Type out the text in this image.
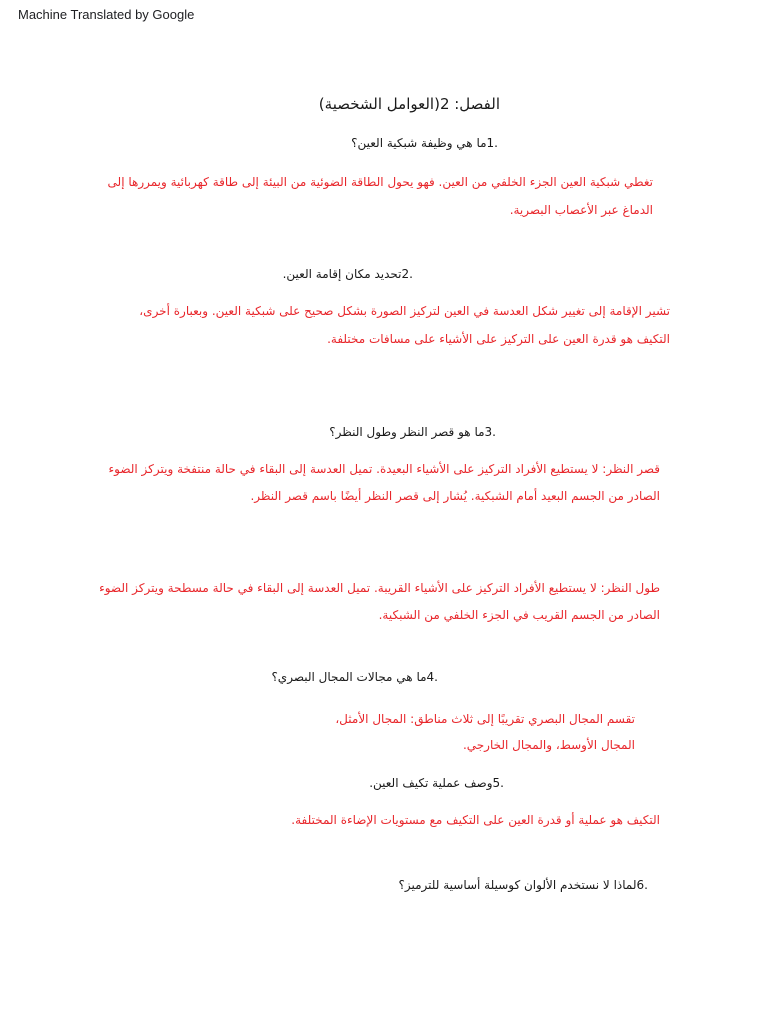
Machine Translated by Google
الفصل: 2(العوامل الشخصية)
.1ما هي وظيفة شبكية العين؟
تغطي شبكية العين الجزء الخلفي من العين. فهو يحول الطاقة الضوئية من البيئة إلى طاقة كهربائية ويمررها إلى
الدماغ عبر الأعصاب البصرية.
.2تحديد مكان إقامة العين.
تشير الإقامة إلى تغيير شكل العدسة في العين لتركيز الصورة بشكل صحيح على شبكية العين. وبعبارة أخرى،
التكيف هو قدرة العين على التركيز على الأشياء على مسافات مختلفة.
.3ما هو قصر النظر وطول النظر؟
قصر النظر: لا يستطيع الأفراد التركيز على الأشياء البعيدة. تميل العدسة إلى البقاء في حالة منتفخة ويتركز الضوء
الصادر من الجسم البعيد أمام الشبكية. يُشار إلى قصر النظر أيضًا باسم قصر النظر.
طول النظر: لا يستطيع الأفراد التركيز على الأشياء القريبة. تميل العدسة إلى البقاء في حالة مسطحة ويتركز الضوء
الصادر من الجسم القريب في الجزء الخلفي من الشبكية.
.4ما هي مجالات المجال البصري؟
تقسم المجال البصري تقريبًا إلى ثلاث مناطق: المجال الأمثل،
المجال الأوسط، والمجال الخارجي.
.5وصف عملية تكيف العين.
التكيف هو عملية أو قدرة العين على التكيف مع مستويات الإضاءة المختلفة.
.6لماذا لا نستخدم الألوان كوسيلة أساسية للترميز؟
